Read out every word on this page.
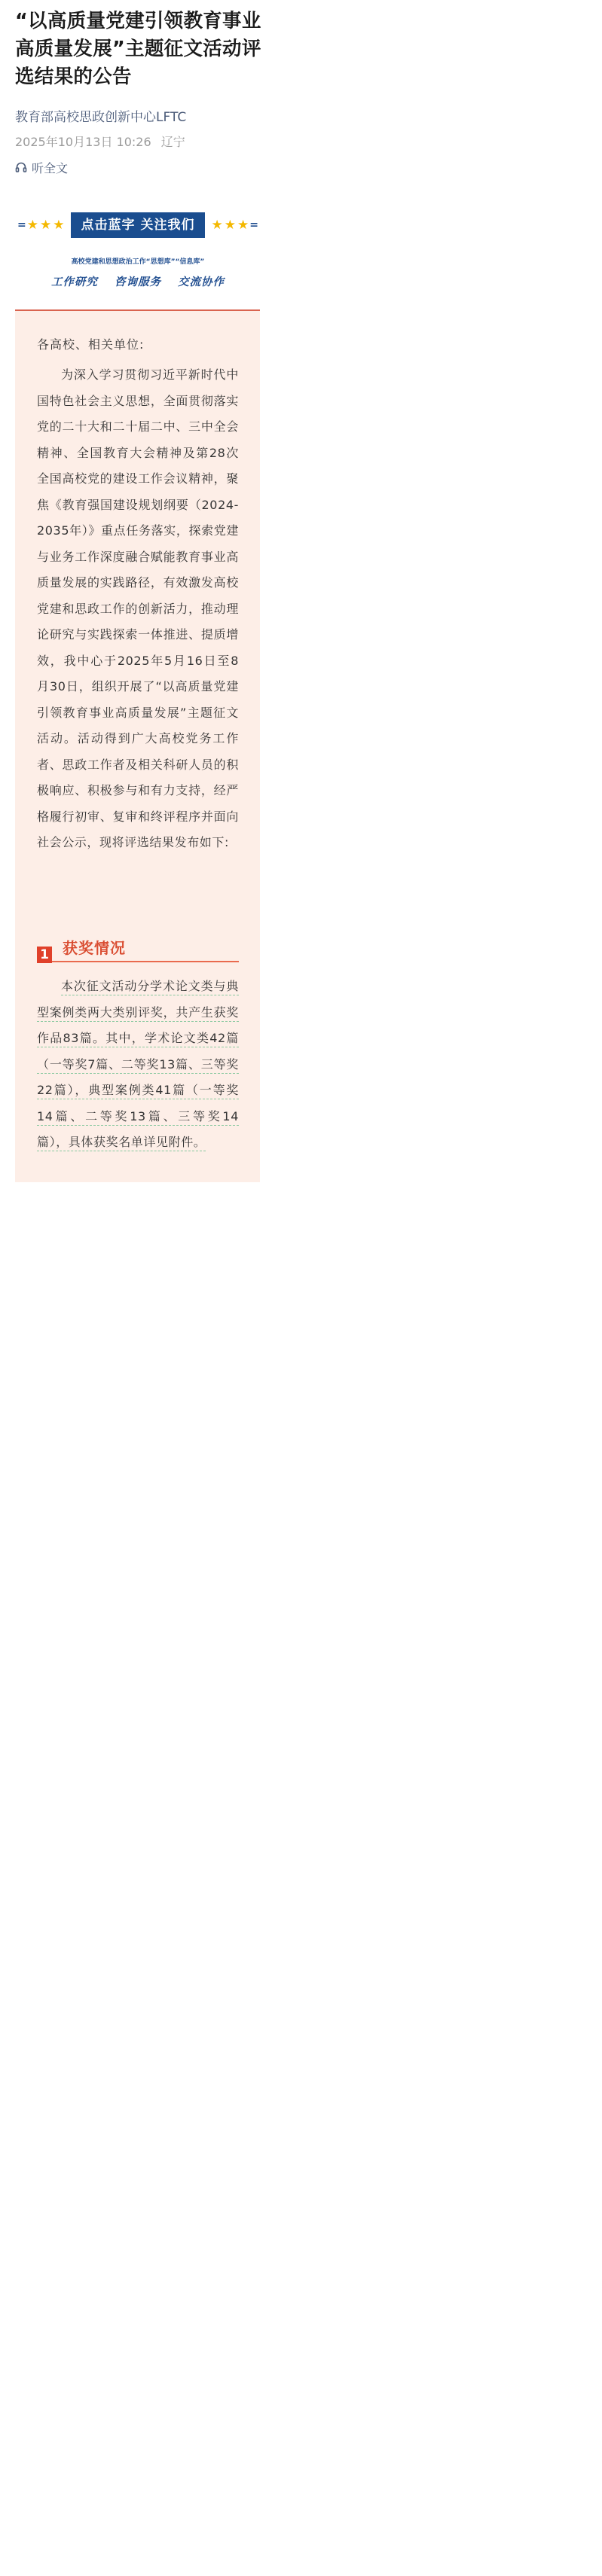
“以高质量党建引领教育事业高质量发展”主题征文活动评选结果的公告
教育部高校思政创新中心LFTC
2025年10月13日 10:26 辽宁
听全文
= ★ ★ ★	点击蓝字 关注我们	★ ★ ★ =
高校党建和思想政治工作“思想库”“信息库”
工作研究 咨询服务 交流协作
各高校、相关单位:

为深入学习贯彻习近平新时代中国特色社会主义思想，全面贯彻落实党的二十大和二十届二中、三中全会精神、全国教育大会精神及第28次全国高校党的建设工作会议精神，聚焦《教育强国建设规划纲要（2024-2035年）》重点任务落实，探索党建与业务工作深度融合赋能教育事业高质量发展的实践路径，有效激发高校党建和思政工作的创新活力，推动理论研究与实践探索一体推进、提质增效，我中心于2025年5月16日至8月30日，组织开展了“以高质量党建引领教育事业高质量发展”主题征文活动。活动得到广大高校党务工作者、思政工作者及相关科研人员的积极响应、积极参与和有力支持，经严格履行初审、复审和终评程序并面向社会公示，现将评选结果发布如下:

1 获奖情况

本次征文活动分学术论文类与典型案例类两大类别评奖，共产生获奖作品83篇。其中，学术论文类42篇（一等奖7篇、二等奖13篇、三等奖22篇），典型案例类41篇（一等奖14篇、二等奖13篇、三等奖14篇），具体获奖名单详见附件。
